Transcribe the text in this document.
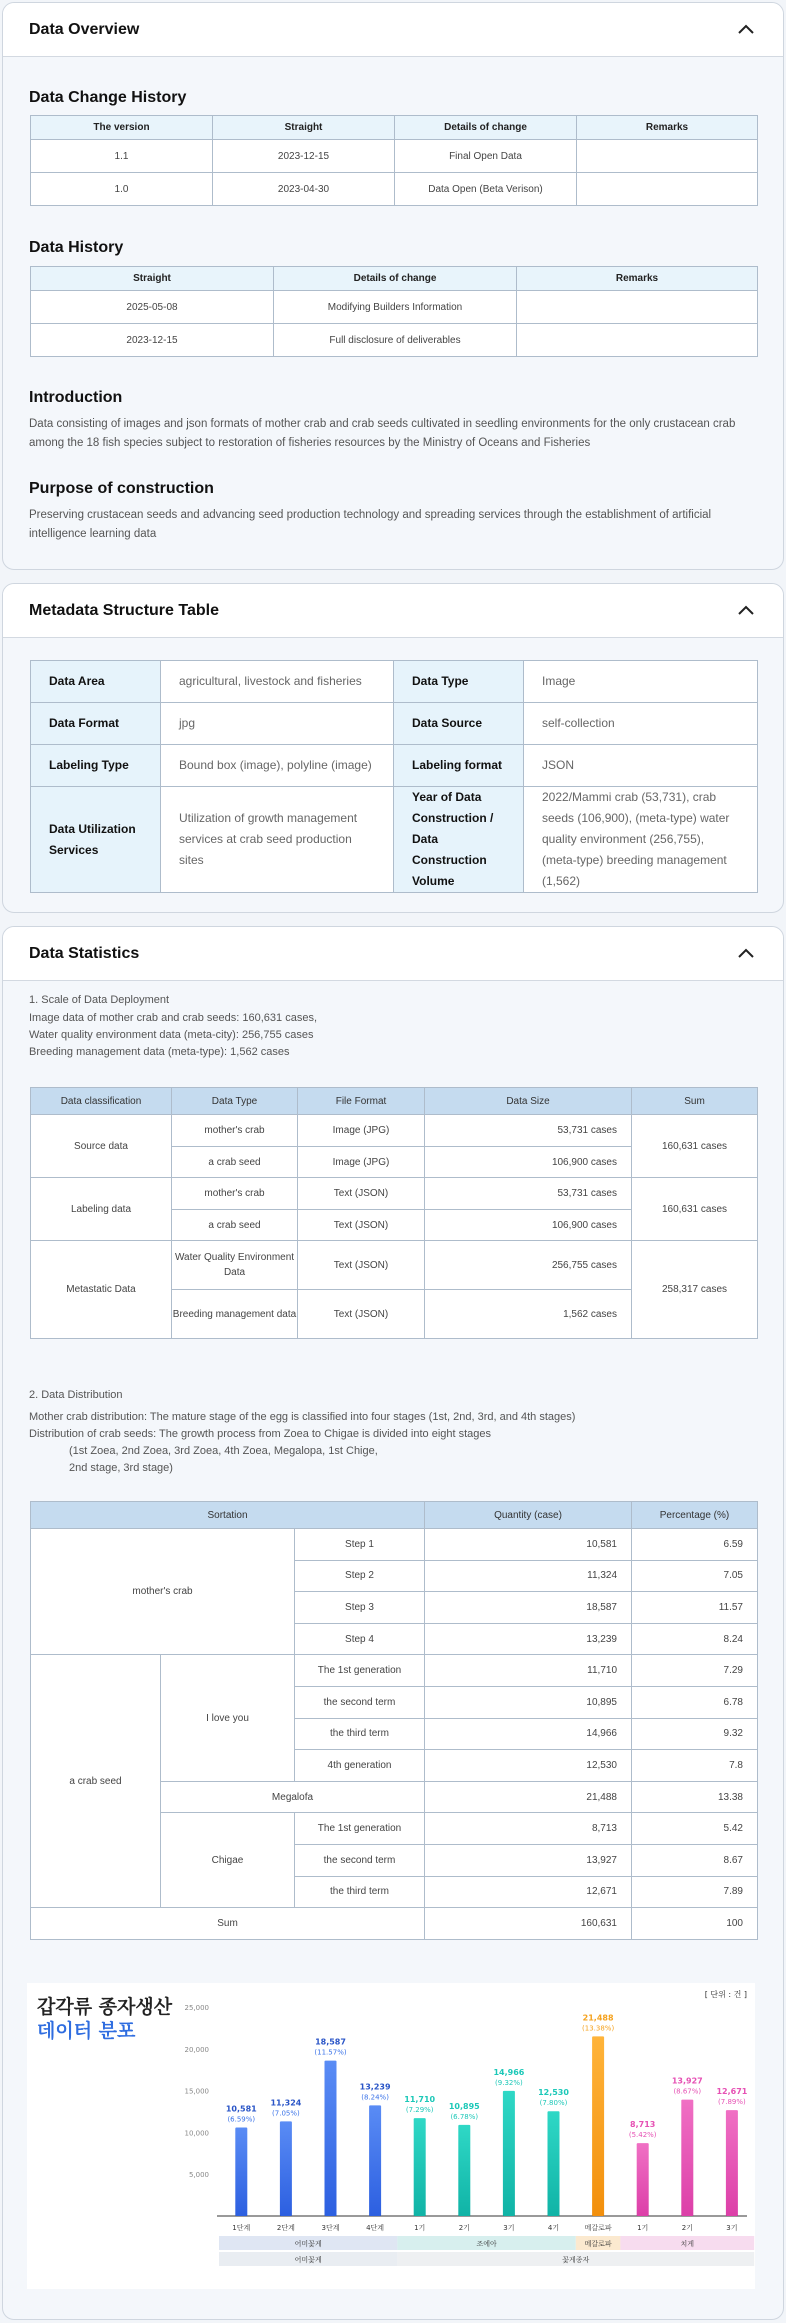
Data Overview
Data Change History
The version	Straight	Details of change	Remarks
1.1	2023-12-15	Final Open Data	
1.0	2023-04-30	Data Open (Beta Verison)	
Data History
Straight	Details of change	Remarks
2025-05-08	Modifying Builders Information	
2023-12-15	Full disclosure of deliverables	
Introduction
Data consisting of images and json formats of mother crab and crab seeds cultivated in seedling environments for the only crustacean crab among the 18 fish species subject to restoration of fisheries resources by the Ministry of Oceans and Fisheries
Purpose of construction
Preserving crustacean seeds and advancing seed production technology and spreading services through the establishment of artificial intelligence learning data
Metadata Structure Table
Data Area	agricultural, livestock and fisheries	Data Type	Image
Data Format	jpg	Data Source	self-collection
Labeling Type	Bound box (image), polyline (image)	Labeling format	JSON
Data Utilization Services	Utilization of growth management services at crab seed production sites	Year of Data Construction / Data Construction Volume	2022/Mammi crab (53,731), crab seeds (106,900), (meta-type) water quality environment (256,755), (meta-type) breeding management (1,562)
Data Statistics
1. Scale of Data Deployment
Image data of mother crab and crab seeds: 160,631 cases,
Water quality environment data (meta-city): 256,755 cases
Breeding management data (meta-type): 1,562 cases
Data classification	Data Type	File Format	Data Size	Sum
Source data	mother's crab	Image (JPG)	53,731 cases	160,631 cases
	a crab seed	Image (JPG)	106,900 cases	
Labeling data	mother's crab	Text (JSON)	53,731 cases	160,631 cases
	a crab seed	Text (JSON)	106,900 cases	
Metastatic Data	Water Quality Environment Data	Text (JSON)	256,755 cases	258,317 cases
	Breeding management data	Text (JSON)	1,562 cases	
2. Data Distribution
Mother crab distribution: The mature stage of the egg is classified into four stages (1st, 2nd, 3rd, and 4th stages)
Distribution of crab seeds: The growth process from Zoea to Chigae is divided into eight stages
(1st Zoea, 2nd Zoea, 3rd Zoea, 4th Zoea, Megalopa, 1st Chige,
2nd stage, 3rd stage)
Sortation			Quantity (case)	Percentage (%)
mother's crab		Step 1	10,581	6.59
		Step 2	11,324	7.05
		Step 3	18,587	11.57
		Step 4	13,239	8.24
a crab seed	I love you	The 1st generation	11,710	7.29
		the second term	10,895	6.78
		the third term	14,966	9.32
		4th generation	12,530	7.8
	Megalofa		21,488	13.38
	Chigae	The 1st generation	8,713	5.42
		the second term	13,927	8.67
		the third term	12,671	7.89
Sum			160,631	100
갑각류 종자생산
데이터 분포
[ 단위 : 건 ]
5,000
10,000
15,000
20,000
25,000
10,581
(6.59%)
1단계
11,324
(7.05%)
2단계
18,587
(11.57%)
3단계
13,239
(8.24%)
4단계
11,710
(7.29%)
1기
10,895
(6.78%)
2기
14,966
(9.32%)
3기
12,530
(7.80%)
4기
21,488
(13.38%)
메갈로파
8,713
(5.42%)
1기
13,927
(8.67%)
2기
12,671
(7.89%)
3기
어미꽃게	조에아	메갈로파	치게
어미꽃게	꽃게종자
